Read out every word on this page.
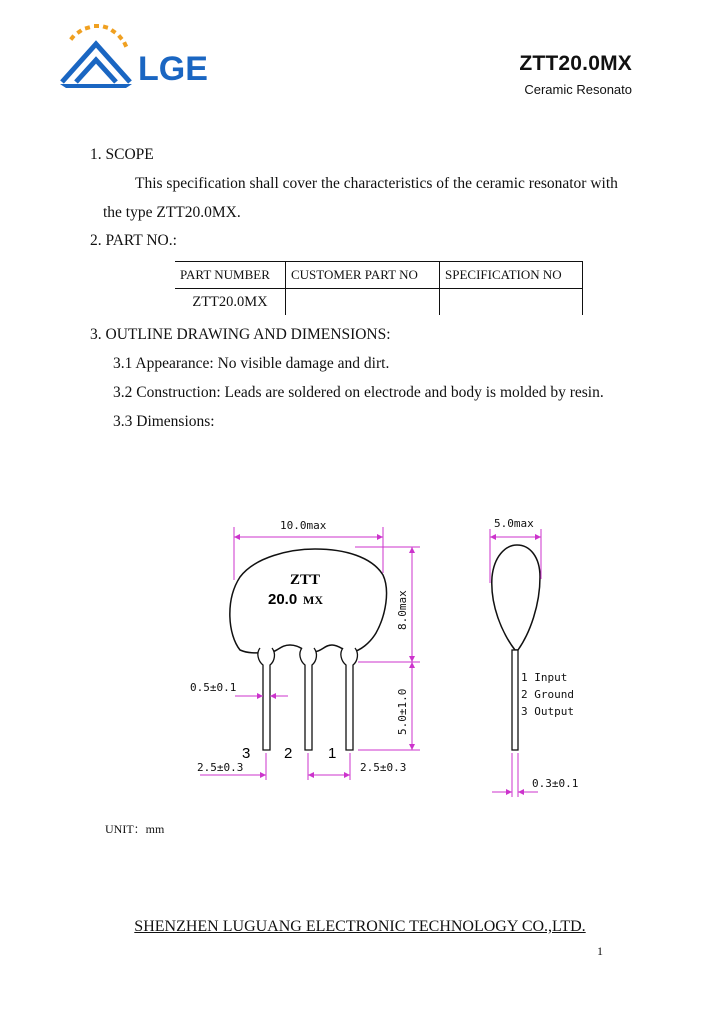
LGE	ZTT20.0MX
Ceramic Resonato
1. SCOPE
This specification shall cover the characteristics of the ceramic resonator with
the type ZTT20.0MX.
2. PART NO.:
PART NUMBER	CUSTOMER PART NO	SPECIFICATION NO
ZTT20.0MX		
3. OUTLINE DRAWING AND DIMENSIONS:
3.1 Appearance: No visible damage and dirt.
3.2 Construction: Leads are soldered on electrode and body is molded by resin.
3.3 Dimensions:
ZTT
20.0 MX
10.0max
8.0max
5.0±1.0
0.5±0.1
3 2 1
2.5±0.3	2.5±0.3
5.0max
0.3±0.1
1 Input
2 Ground
3 Output
UNIT：mm
SHENZHEN LUGUANG ELECTRONIC TECHNOLOGY CO.,LTD.
1
